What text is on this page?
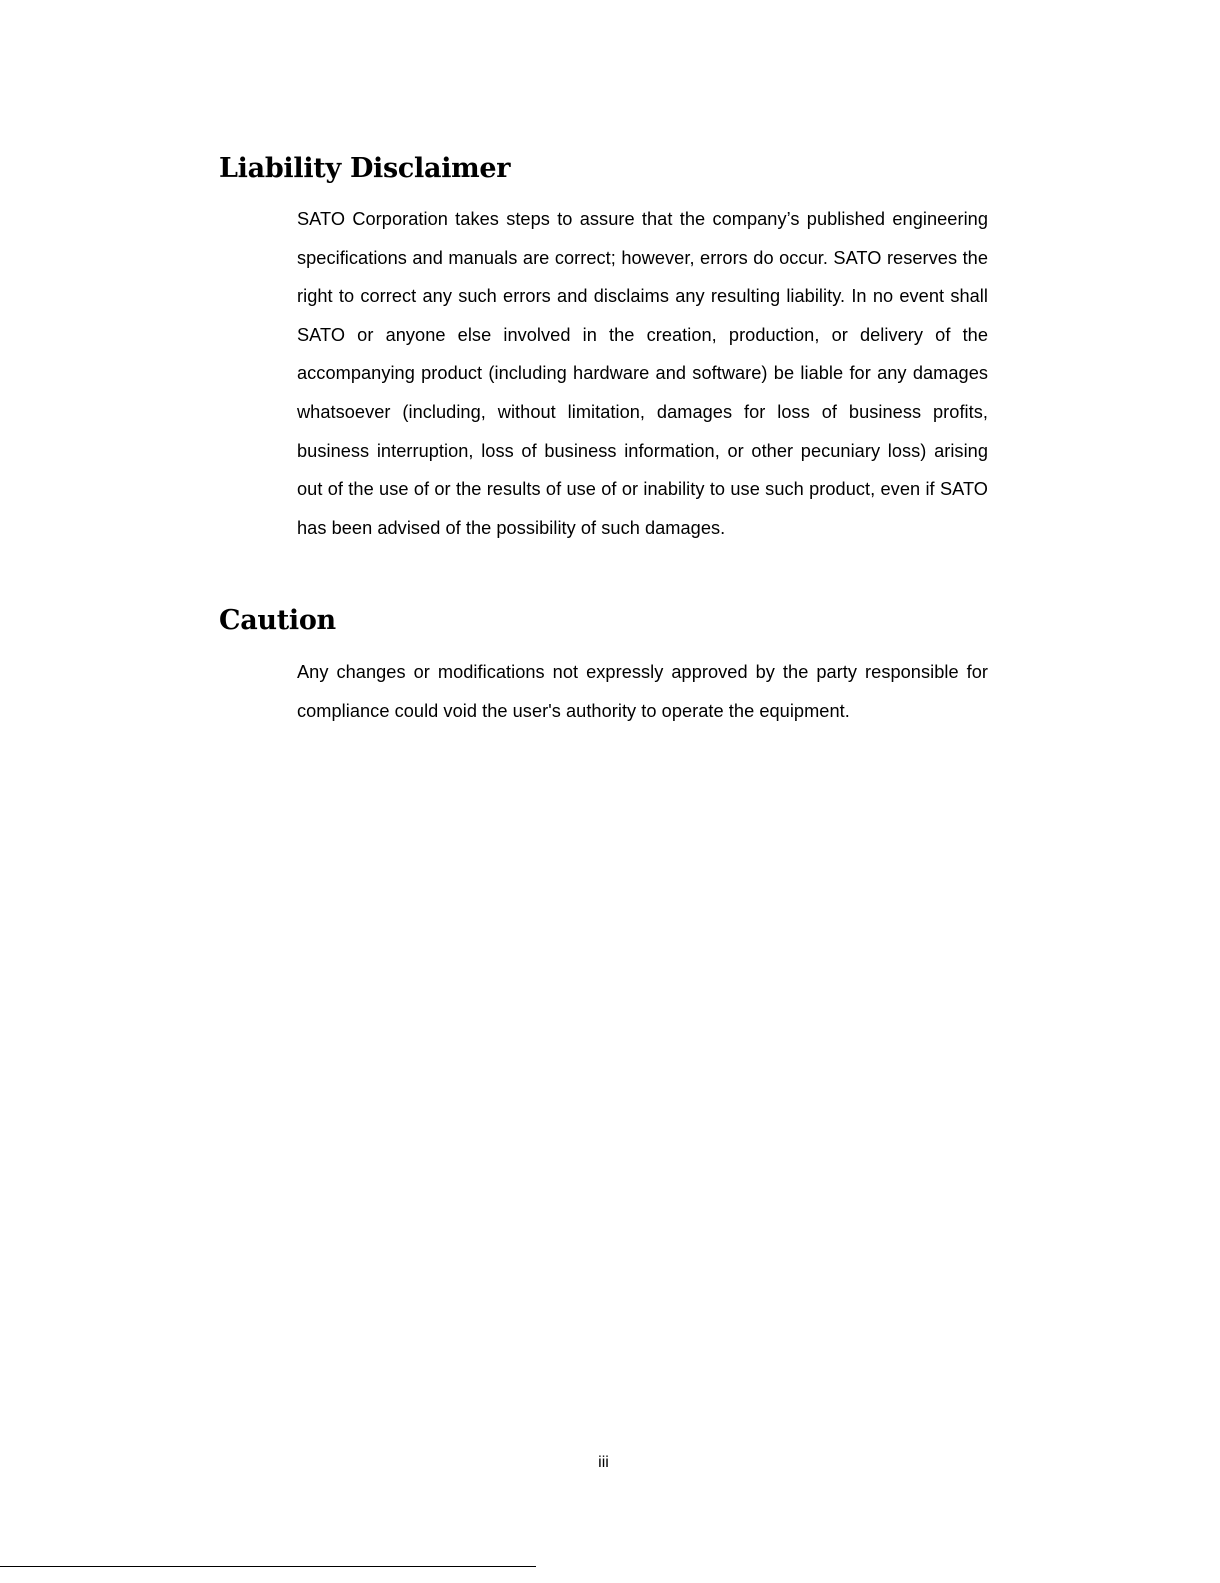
Liability Disclaimer

SATO Corporation takes steps to assure that the company’s published engineering specifications and manuals are correct; however, errors do occur. SATO reserves the right to correct any such errors and disclaims any resulting liability. In no event shall SATO or anyone else involved in the creation, production, or delivery of the accompanying product (including hardware and software) be liable for any damages whatsoever (including, without limitation, damages for loss of business profits, business interruption, loss of business information, or other pecuniary loss) arising out of the use of or the results of use of or inability to use such product, even if SATO has been advised of the possibility of such damages.

Caution

Any changes or modifications not expressly approved by the party responsible for compliance could void the user's authority to operate the equipment.

iii
